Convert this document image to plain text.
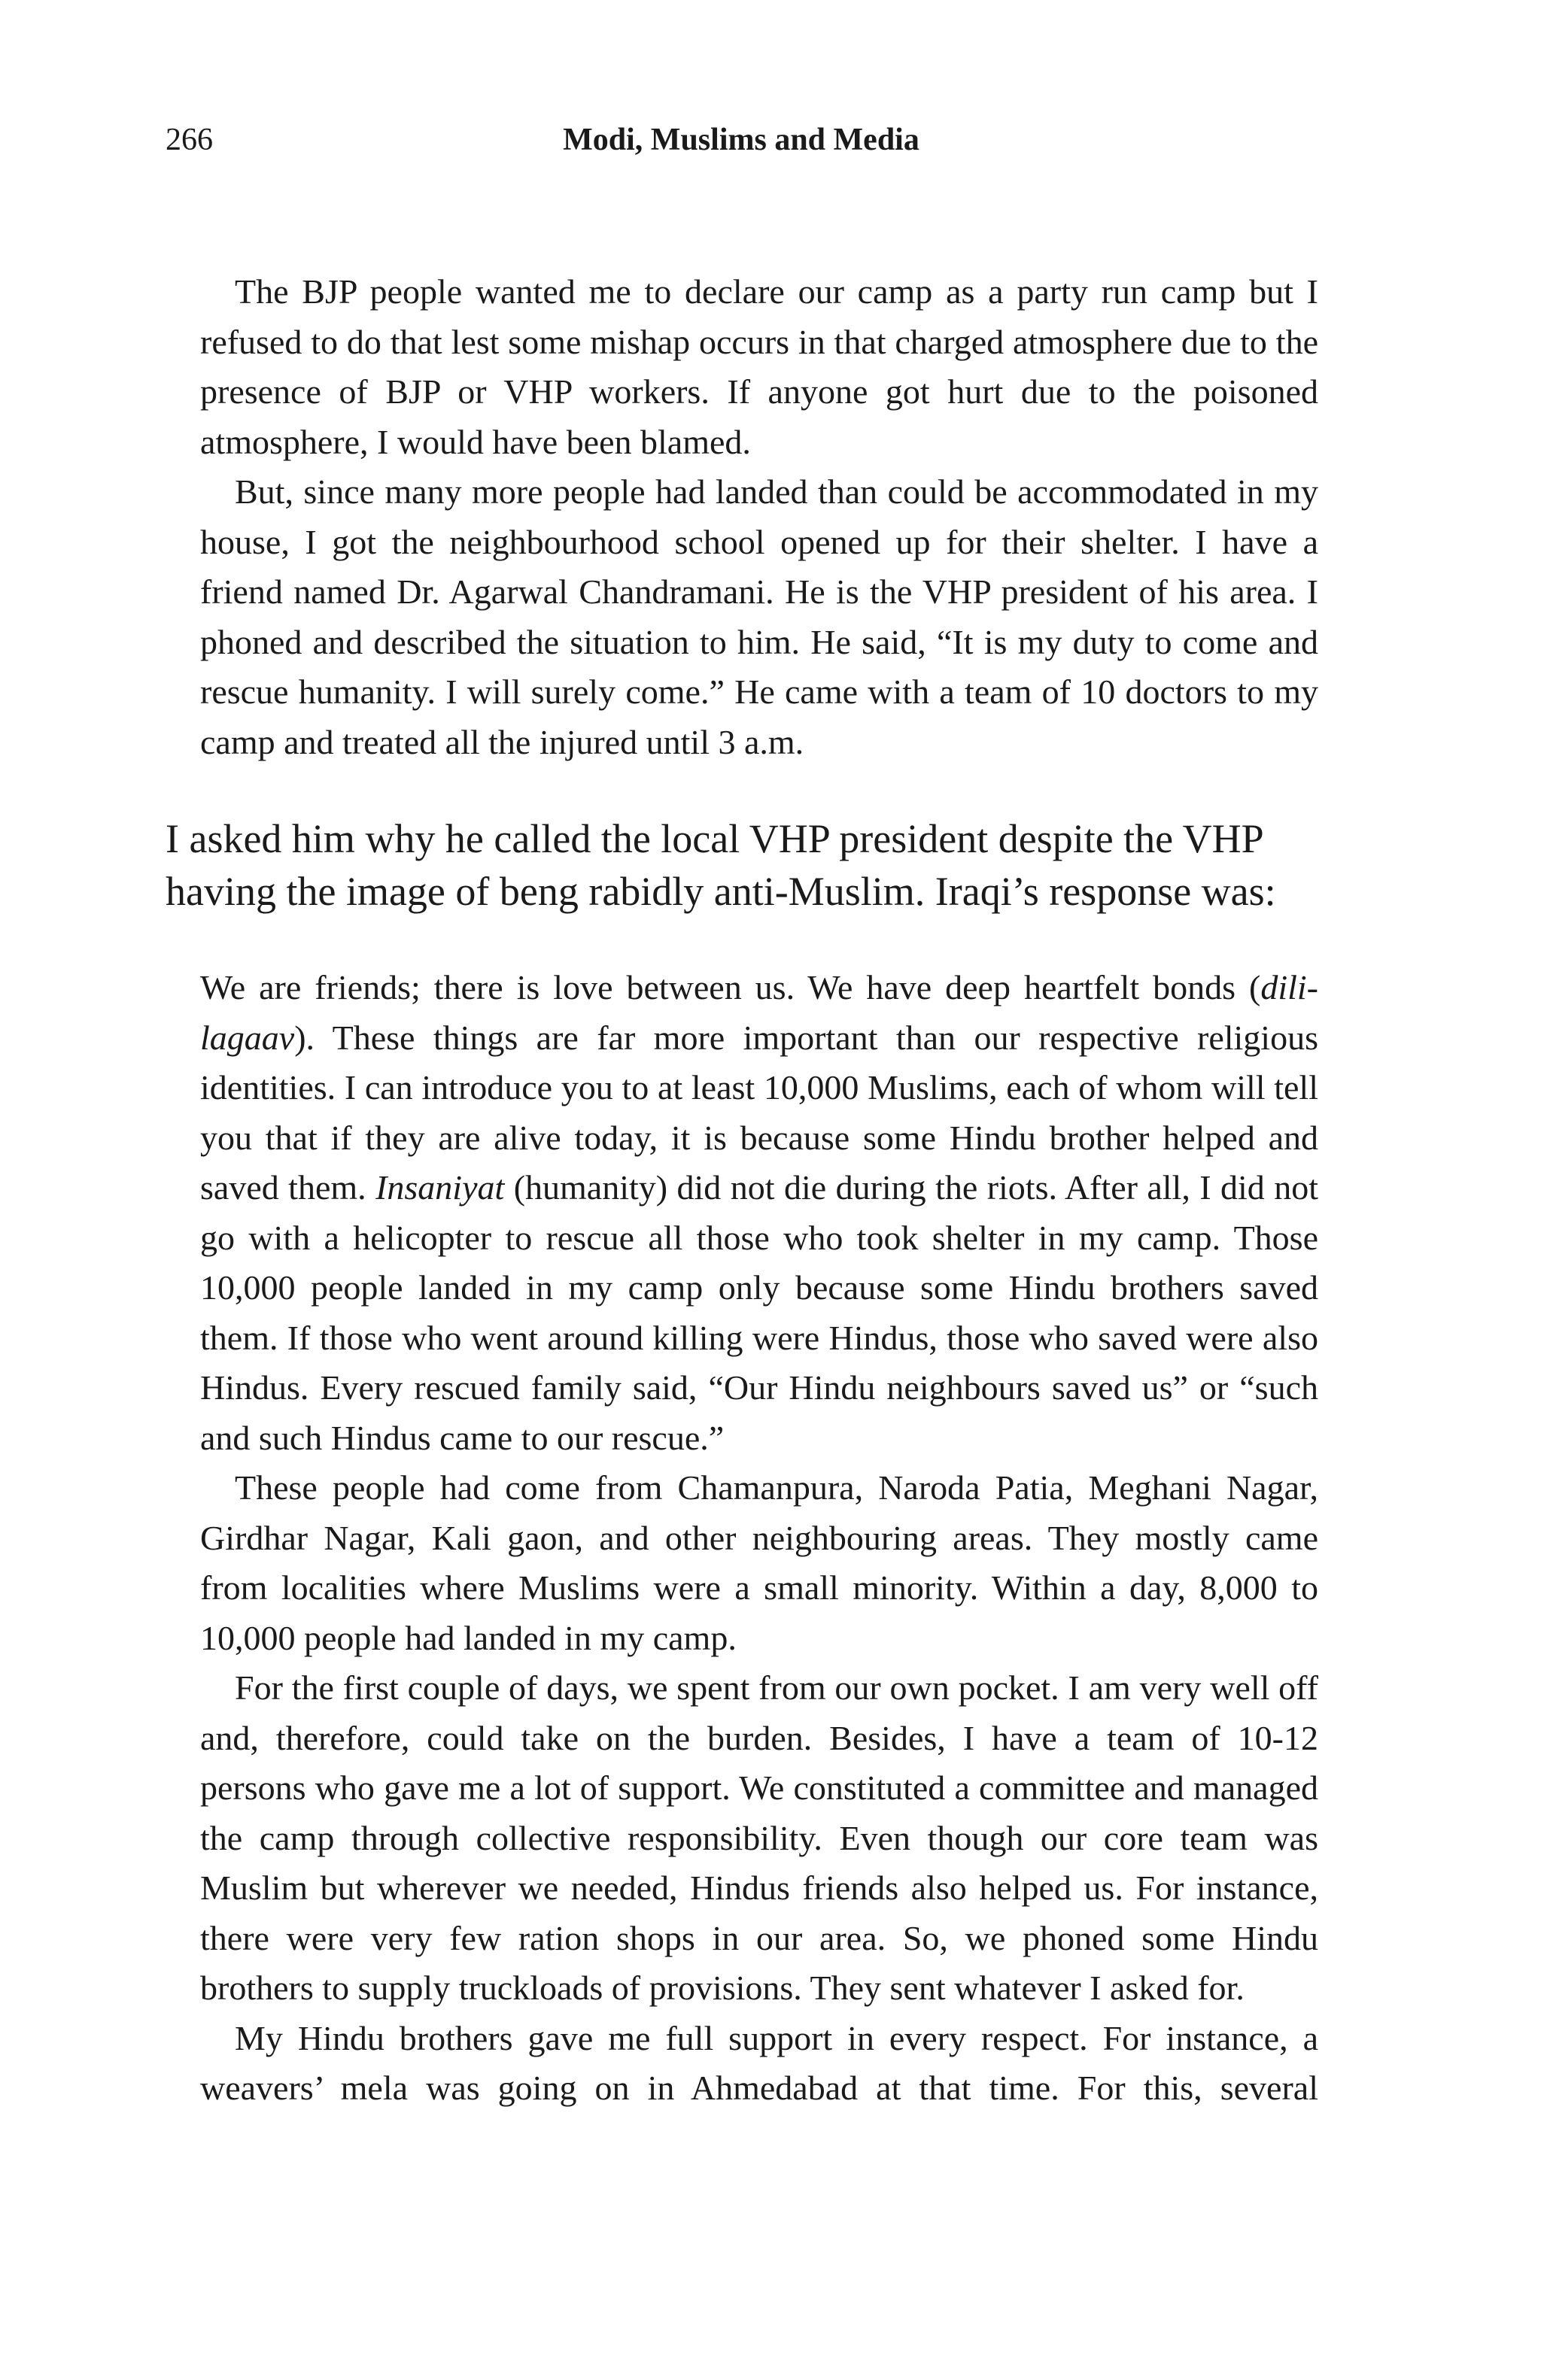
266	Modi, Muslims and Media

The BJP people wanted me to declare our camp as a party run camp but I refused to do that lest some mishap occurs in that charged atmosphere due to the presence of BJP or VHP workers. If anyone got hurt due to the poisoned atmosphere, I would have been blamed.

But, since many more people had landed than could be accommodated in my house, I got the neighbourhood school opened up for their shelter. I have a friend named Dr. Agarwal Chandramani. He is the VHP president of his area. I phoned and described the situation to him. He said, “It is my duty to come and rescue humanity. I will surely come.” He came with a team of 10 doctors to my camp and treated all the injured until 3 a.m.

I asked him why he called the local VHP president despite the VHP having the image of beng rabidly anti-Muslim. Iraqi’s response was:

We are friends; there is love between us. We have deep heartfelt bonds (dili-lagaav). These things are far more important than our respective religious identities. I can introduce you to at least 10,000 Muslims, each of whom will tell you that if they are alive today, it is because some Hindu brother helped and saved them. Insaniyat (humanity) did not die during the riots. After all, I did not go with a helicopter to rescue all those who took shelter in my camp. Those 10,000 people landed in my camp only because some Hindu brothers saved them. If those who went around killing were Hindus, those who saved were also Hindus. Every rescued family said, “Our Hindu neighbours saved us” or “such and such Hindus came to our rescue.”

These people had come from Chamanpura, Naroda Patia, Meghani Nagar, Girdhar Nagar, Kali gaon, and other neighbouring areas. They mostly came from localities where Muslims were a small minority. Within a day, 8,000 to 10,000 people had landed in my camp.

For the first couple of days, we spent from our own pocket. I am very well off and, therefore, could take on the burden. Besides, I have a team of 10-12 persons who gave me a lot of support. We constituted a committee and managed the camp through collective responsibility. Even though our core team was Muslim but wherever we needed, Hindus friends also helped us. For instance, there were very few ration shops in our area. So, we phoned some Hindu brothers to supply truckloads of provisions. They sent whatever I asked for.

My Hindu brothers gave me full support in every respect. For instance, a weavers’ mela was going on in Ahmedabad at that time. For this, several
